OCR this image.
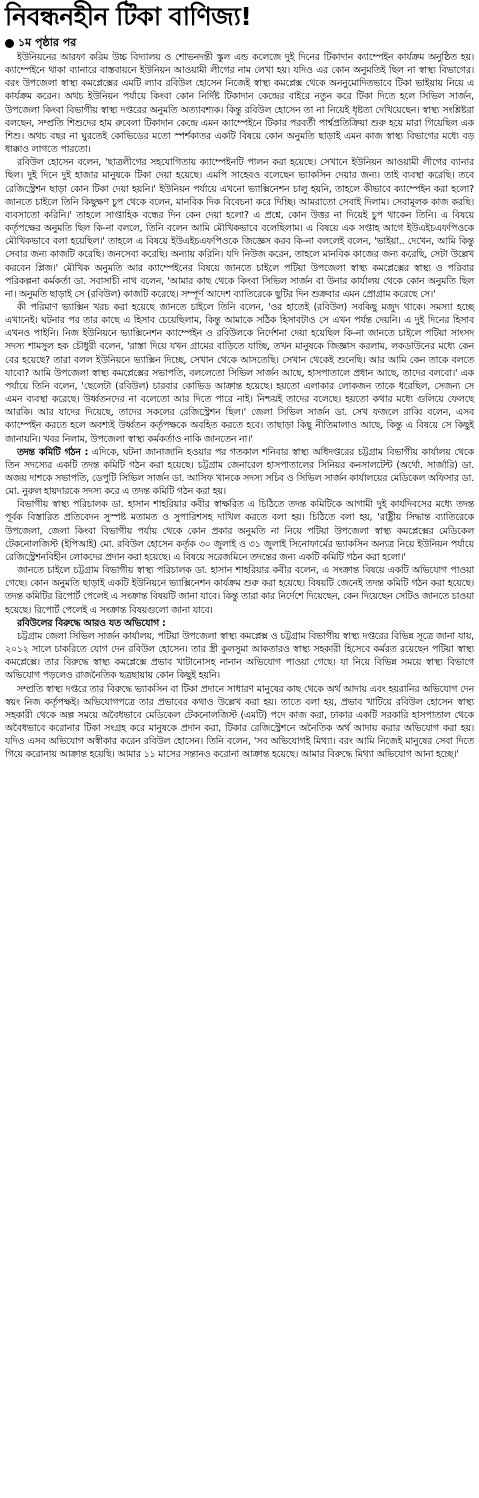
নিবন্ধনহীন টিকা বাণিজ্য!
১ম পৃষ্ঠার পর

ইউনিয়নের আরফা করিম উচ্চ বিদ্যালয় ও শোভনদন্তী স্কুল এন্ড কলেজে দুই দিনের টিকাদান ক্যাম্পেইন কার্যক্রম অনুষ্ঠিত হয়। ক্যাম্পেইনে থাকা ব্যানারে বাস্তবায়নে ইউনিয়ন আওয়ামী লীগের নাম লেখা হয়। যদিও এর কোন অনুমতিই ছিল না স্বাস্থ্য বিভাগের। বরং উপজেলা স্বাস্থ্য কমপ্লেক্সের এমটি ল্যাব রবিউল হোসেন নিজেই স্বাস্থ্য কমপ্লেক্স থেকে অননুমোদিতভাবে টিকা ভাইয়ায় নিয়ে এ কার্যক্রম করেন। অথচ ইউনিয়ন পর্যায়ে কিংবা কোন নির্দিষ্ট টিকাদান কেন্দ্রের বাইরে নতুন করে টিকা দিতে হলে সিভিল সার্জন, উপজেলা কিংবা বিভাগীয় স্বাস্থ্য দপ্তরের অনুমতি অত্যাবশ্যক। কিন্তু রবিউল হোসেন তা না নিয়েই ধৃষ্টতা দেখিয়েছেন। স্বাস্থ্য সংশ্লিষ্টরা বলছেন, সম্প্রতি শিশুদের হাম রুবেলা টিকাদান কেন্দ্রে এমন ক্যাম্পেইনে টিকার পরবর্তী পার্শ্বপ্রতিক্রিয়া শুরু হয়ে মারা গিয়েছিল এক শিশু। অথচ বছর না ঘুরতেই কোভিডের মতো স্পর্শকাতর একটি বিষয়ে কোন অনুমতি ছাড়াই এমন কাজ স্বাস্থ্য বিভাগের মধ্যে বড় ধাক্কাও লাগতে পারতো।

রবিউল হোসেন বলেন, 'ছাত্রলীগের সহযোগিতায় ক্যাম্পেইনটি পালন করা হয়েছে। সেখানে ইউনিয়ন আওয়ামী লীগের ব্যানার ছিল। দুই দিনে দুই হাজার মানুষকে টিকা দেয়া হয়েছে। এমপি সাহেবও বলেছেন ভ্যাকসিন দেয়ার জন্য। তাই ব্যবস্থা করেছি। তবে রেজিস্ট্রেশন ছাড়া কোন টিকা দেয়া হয়নি।' ইউনিয়ন পর্যায়ে এখনো ভ্যাক্সিনেশন চালু হয়নি, তাহলে কীভাবে ক্যাম্পেইন করা হলো? জানতে চাইলে তিনি কিছুক্ষণ চুপ থেকে বলেন, মানবিক দিক বিবেচনা করে দিচ্ছি। আমরাতো সেবাই দিলাম। সেবামূলক কাজ করছি। ব্যবসাতো করিনি।' তাহলে সাপ্তাহিক বন্ধের দিন কেন দেয়া হলো? এ প্রশ্নে, কোন উত্তর না দিয়েই চুপ থাকেন তিনি। এ বিষয়ে কর্তৃপক্ষের অনুমতি ছিল কি-না বললে, তিনি বলেন আমি মৌখিকভাবে বলেছিলাম। এ বিষয়ে এক সপ্তাহ আগে ইউএইচএফপিওকে মৌখিকভাবে বলা হয়েছিল।' তাহলে এ বিষয়ে ইউএইচএফপিওকে জিজ্ঞেস করব কি-না বললেই বলেন, 'ভাইয়া.. দেখেন, আমি কিন্তু সেবার জন্য কাজটি করেছি। জনসেবা করেছি। অন্যায় করিনি। যদি নিউজ করেন, তাহলে মানবিক কাজের জন্য করেছি, সেটা উল্লেখ করবেন প্লিজ।' মৌখিক অনুমতি আর ক্যাম্পেইনের বিষয়ে জানতে চাইলে পটিয়া উপজেলা স্বাস্থ্য কমপ্লেক্সের স্বাস্থ্য ও পরিবার পরিকল্পনা কর্মকর্তা ডা. সবাসাচী নাথ বলেন, 'আমার কাছ থেকে কিংবা সিভিল সার্জন বা উনার কার্যালয় থেকে কোন অনুমতি ছিল না। অনুমতি ছাড়াই সে (রবিউল) কাজটি করেছে। সম্পূর্ণ আদেশ ব্যাতিরেকে ছুটির দিন শুক্রবার এমন প্রোগ্রাম করেছে সে।'

কী পরিমাণ ভ্যাক্সিন খরচ করা হয়েছে জানতে চাইলে তিনি বলেন, 'ওর হাতেই (রবিউল) সবকিছু মজুদ থাকে। সমস্যা হচ্ছে এখানেই। ঘটনার পর তার কাছে এ হিসাব চেয়েছিলাম, কিন্তু আমাকে সঠিক হিসাবটাও সে এখন পর্যন্ত দেয়নি। এ দুই দিনের হিসাব এখনও পাইনি। নিজ ইউনিয়নে ভ্যাক্সিনেশন ক্যাম্পেইন ও রবিউলকে নির্দেশনা দেয়া হয়েছিল কি-না জানতে চাইলে পটিয়া সাংসদ সদস্য শামসুল হক চৌধুরী বলেন, 'রাস্তা দিয়ে যখন গ্রামের বাড়িতে যাচ্ছি, তখন মানুষকে জিজ্ঞাস করলাম, লকডাউনের মধ্যে কেন বের হয়েছে? তারা বলল ইউনিয়নে ভ্যাক্সিন দিচ্ছে, সেখান থেকে আসতেছি। সেখান থেকেই শুনেছি। আর আমি কেন তাকে বলতে যাবো? আমি উপজেলা স্বাস্থ্য কমপ্লেক্সের সভাপতি, বললেতো সিভিল সার্জন আছে, হাসপাতালে প্রধান আছে, তাদের বলবো।' এক পর্যায়ে তিনি বলেন, 'ছেলেটা (রবিউল) চারবার কোভিড আক্রান্ত হয়েছে। হয়তো এলাকার লোকজন তাকে ধরেছিল, সেজন্য সে এমন ব্যবস্থা করেছে। উর্ধ্বতনদের না বলেতো আর দিতে পারে নাই। নিশ্চয়ই তাদের বলেছে। হয়তো কথার মধ্যে গুলিয়ে ফেলছে আরকি। আর যাদের দিয়েছে, তাদের সকলের রেজিস্ট্রেশন ছিল।' জেলা সিভিল সার্জন ডা. সেখ ফজলে রাব্বি বলেন, এসব ক্যাম্পেইন করতে হলে অবশ্যই উর্ধ্বতন কর্তৃপক্ষকে অবহিত করতে হবে। তাছাড়া কিছু নীতিমালাও আছে, কিন্তু এ বিষয়ে সে কিছুই জানায়নি। খবর নিলাম, উপজেলা স্বাস্থ্য কর্মকর্তাও নাকি জানতেন না।'

তদন্ত কমিটি গঠন : এদিকে, ঘটনা জানাজানি হওয়ার পর গতকাল শনিবার স্বাস্থ্য অধিদপ্তরের চট্টগ্রাম বিভাগীয় কার্যালয় থেকে তিন সদস্যের একটি তদন্ত কমিটি গঠন করা হয়েছে। চট্টগ্রাম জেনারেল হাসপাতালের সিনিয়র কনসালটেন্ট (অর্থো. সার্জারি) ডা. অজয় দাশকে সভাপতি, ডেপুটি সিভিল সার্জন ডা. আসিফ খানকে সদস্য সচিব ও সিভিল সার্জন কার্যালয়ের মেডিকেল অফিসার ডা. মো. নুরুল হায়দারকে সদস্য করে এ তদন্ত কমিটি গঠন করা হয়।

বিভাগীয় স্বাস্থ্য পরিচালক ডা. হাসান শাহরিয়ার কবীর স্বাক্ষরিত এ চিঠিতে তদন্ত কমিটিকে আগামী দুই কার্যদিবসের মধ্যে তদন্ত পূর্বক বিস্তারিত প্রতিবেদন সুস্পষ্ট মতামত ও সুপারিশসহ দাখিল করতে বলা হয়। চিঠিতে বলা হয়, 'রাষ্ট্রীয় সিদ্ধান্ত ব্যাতিরেকে উপজেলা, জেলা কিংবা বিভাগীয় পর্যায় থেকে কোন প্রকার অনুমতি না নিয়ে পটিয়া উপজেলা স্বাস্থ্য কমপ্লেক্সের মেডিকেল টেকনোলজিস্ট (ইপিআই) মো. রবিউল হোসেন কর্তৃক ৩০ জুলাই ও ৩১ জুলাই সিনোফার্মের ভ্যাকসিন অন্যত্র নিয়ে ইউনিয়ন পর্যায়ে রেজিস্ট্রেশনবিহীন লোকদের প্রদান করা হয়েছে। এ বিষয়ে সরেজমিনে তদন্তের জন্য একটি কমিটি গঠন করা হলো।'

জানতে চাইলে চট্টগ্রাম বিভাগীয় স্বাস্থ্য পরিচালক ডা. হাসান শাহরিয়ার কবীর বলেন, এ সংক্রান্ত বিষয়ে একটি অভিযোগ পাওয়া গেছে। কোন অনুমতি ছাড়াই একটি ইউনিয়নে ভ্যাক্সিনেশন কার্যক্রম শুরু করা হয়েছে। বিষয়টি জেনেই তদন্ত কমিটি গঠন করা হয়েছে। তদন্ত কমিটির রিপোর্ট পেলেই এ সংক্রান্ত বিষয়টি জানা যাবে। কিন্তু তারা কার নির্দেশে দিয়েছেন, কেন দিয়েছেন সেটিও জানতে চাওয়া হয়েছে। রিপোর্ট পেলেই এ সংক্রান্ত বিষয়গুলো জানা যাবে।

রবিউলের বিরুদ্ধে আরও যত অভিযোগ :

চট্টগ্রাম জেলা সিভিল সার্জন কার্যালয়, পটিয়া উপজেলা স্বাস্থ্য কমপ্লেক্স ও চট্টগ্রাম বিভাগীয় স্বাস্থ্য দপ্তরের বিভিন্ন সূত্রে জানা যায়, ২০১২ সালে চাকরিতে যোগ দেন রবিউল হোসেন। তার স্ত্রী কুলসুমা আকতারও স্বাস্থ্য সহকারী হিসেবে কর্মরত রয়েছেন পটিয়া স্বাস্থ্য কমপ্লেক্সে। তার বিরুদ্ধে স্বাস্থ্য কমপ্লেক্সে প্রভাব খাটানোসহ নানান অভিযোগ পাওয়া গেছে। যা নিয়ে বিভিন্ন সময়ে স্বাস্থ্য বিভাগে অভিযোগ পড়লেও রাজনৈতিক ছত্রছায়ায় কোন কিছুই হয়নি।

সম্প্রতি স্বাস্থ্য দপ্তরে তার বিরুদ্ধে ভ্যাকসিন বা টিকা প্রদানে সাধারণ মানুষের কাছ থেকে অর্থ আদায় এবং হয়রানির অভিযোগ দেন স্বয়ং নিজ কর্তৃপক্ষই। অভিযোগপত্রে তার প্রভাবের কথাও উল্লেখ করা হয়। তাতে বলা হয়, প্রভাব খাটিয়ে রবিউল হোসেন স্বাস্থ্য সহকারী থেকে অল্প সময়ে অবৈধভাবে মেডিকেল টেকনোলজিস্ট (এমটি) পদে কাজ করা, ঢাকার একটি সরকারি হাসপাতাল থেকে অবৈধভাবে করোনার টিকা সংগ্রহ করে মানুষকে প্রদান করা, টিকার রেজিস্ট্রেশনে অনৈতিক অর্থ আদায় করার অভিযোগ করা হয়। যদিও এসব অভিযোগ অস্বীকার করেন রবিউল হোসেন। তিনি বলেন, 'সব অভিযোগই মিথ্যা। বরং আমি নিজেই মানুষের সেবা দিতে গিয়ে করোনায় আক্রান্ত হয়েছি। আমার ১১ মাসের সন্তানও করোনা আক্রান্ত হয়েছে। আমার বিরুদ্ধে মিথ্যা অভিযোগ আনা হচ্ছে।'
